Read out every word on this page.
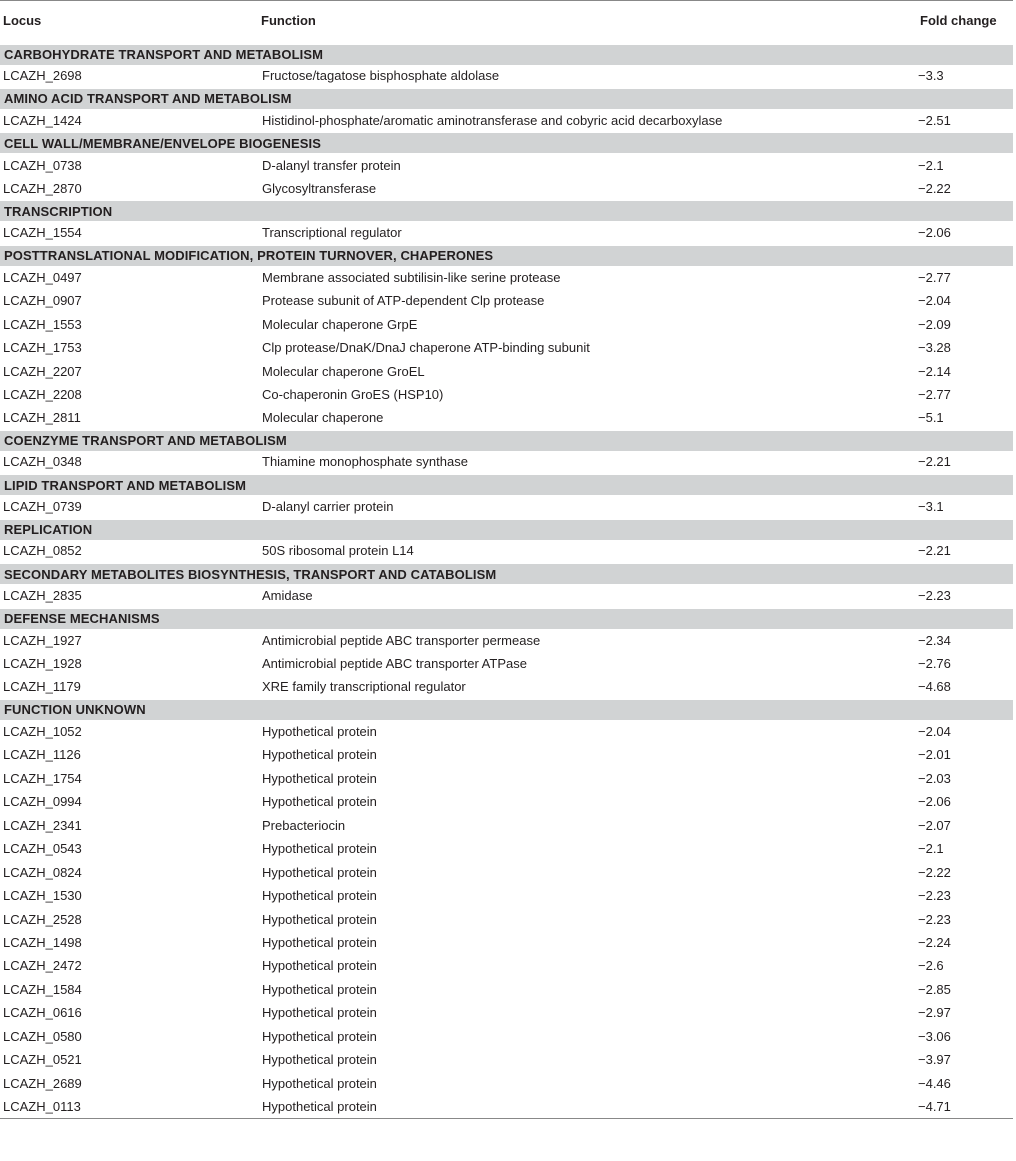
Locus	Function	Fold change
CARBOHYDRATE TRANSPORT AND METABOLISM		
LCAZH_2698	Fructose/tagatose bisphosphate aldolase	−3.3
AMINO ACID TRANSPORT AND METABOLISM		
LCAZH_1424	Histidinol-phosphate/aromatic aminotransferase and cobyric acid decarboxylase	−2.51
CELL WALL/MEMBRANE/ENVELOPE BIOGENESIS		
LCAZH_0738	D-alanyl transfer protein	−2.1
LCAZH_2870	Glycosyltransferase	−2.22
TRANSCRIPTION		
LCAZH_1554	Transcriptional regulator	−2.06
POSTTRANSLATIONAL MODIFICATION, PROTEIN TURNOVER, CHAPERONES		
LCAZH_0497	Membrane associated subtilisin-like serine protease	−2.77
LCAZH_0907	Protease subunit of ATP-dependent Clp protease	−2.04
LCAZH_1553	Molecular chaperone GrpE	−2.09
LCAZH_1753	Clp protease/DnaK/DnaJ chaperone ATP-binding subunit	−3.28
LCAZH_2207	Molecular chaperone GroEL	−2.14
LCAZH_2208	Co-chaperonin GroES (HSP10)	−2.77
LCAZH_2811	Molecular chaperone	−5.1
COENZYME TRANSPORT AND METABOLISM		
LCAZH_0348	Thiamine monophosphate synthase	−2.21
LIPID TRANSPORT AND METABOLISM		
LCAZH_0739	D-alanyl carrier protein	−3.1
REPLICATION		
LCAZH_0852	50S ribosomal protein L14	−2.21
SECONDARY METABOLITES BIOSYNTHESIS, TRANSPORT AND CATABOLISM		
LCAZH_2835	Amidase	−2.23
DEFENSE MECHANISMS		
LCAZH_1927	Antimicrobial peptide ABC transporter permease	−2.34
LCAZH_1928	Antimicrobial peptide ABC transporter ATPase	−2.76
LCAZH_1179	XRE family transcriptional regulator	−4.68
FUNCTION UNKNOWN		
LCAZH_1052	Hypothetical protein	−2.04
LCAZH_1126	Hypothetical protein	−2.01
LCAZH_1754	Hypothetical protein	−2.03
LCAZH_0994	Hypothetical protein	−2.06
LCAZH_2341	Prebacteriocin	−2.07
LCAZH_0543	Hypothetical protein	−2.1
LCAZH_0824	Hypothetical protein	−2.22
LCAZH_1530	Hypothetical protein	−2.23
LCAZH_2528	Hypothetical protein	−2.23
LCAZH_1498	Hypothetical protein	−2.24
LCAZH_2472	Hypothetical protein	−2.6
LCAZH_1584	Hypothetical protein	−2.85
LCAZH_0616	Hypothetical protein	−2.97
LCAZH_0580	Hypothetical protein	−3.06
LCAZH_0521	Hypothetical protein	−3.97
LCAZH_2689	Hypothetical protein	−4.46
LCAZH_0113	Hypothetical protein	−4.71
